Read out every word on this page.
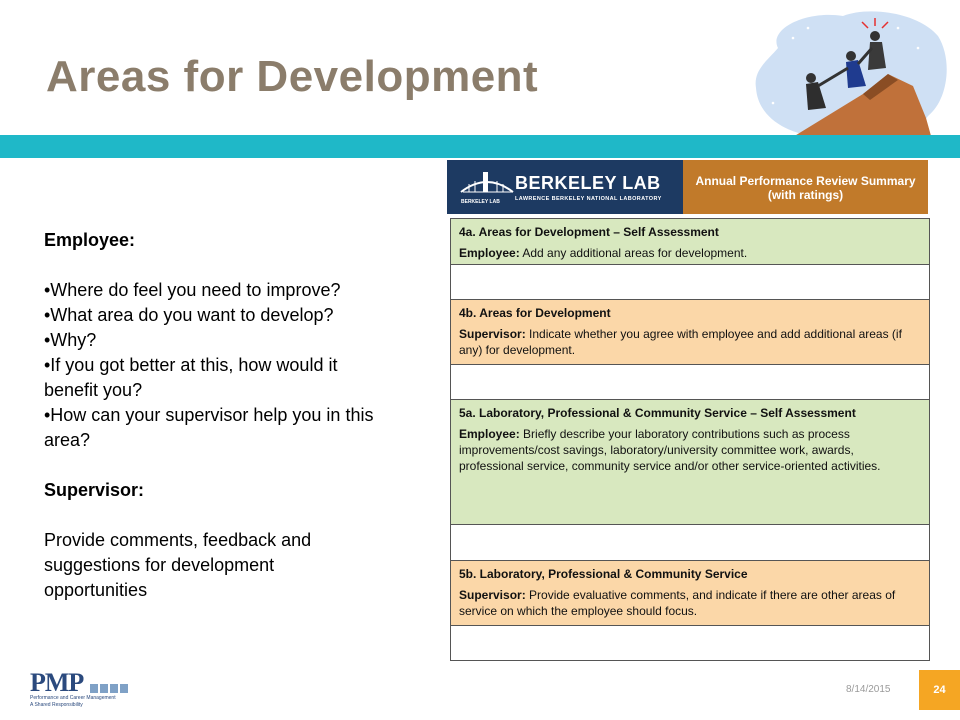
Areas for Development
Employee:
•Where do feel you need to improve?
•What area do you want to develop?
•Why?
•If you got better at this, how would it benefit you?
•How can your supervisor help you in this area?
Supervisor:
Provide comments, feedback and suggestions for development opportunities
BERKELEY LAB
BERKELEY LAB
LAWRENCE BERKELEY NATIONAL LABORATORY
Annual Performance Review Summary
(with ratings)
4a. Areas for Development – Self Assessment
Employee: Add any additional areas for development.
4b. Areas for Development
Supervisor: Indicate whether you agree with employee and add additional areas (if any) for development.
5a. Laboratory, Professional & Community Service – Self Assessment
Employee: Briefly describe your laboratory contributions such as process improvements/cost savings, laboratory/university committee work, awards, professional service, community service and/or other service-oriented activities.
5b. Laboratory, Professional & Community Service
Supervisor: Provide evaluative comments, and indicate if there are other areas of service on which the employee should focus.
PMP
Performance and Career Management
A Shared Responsibility
8/14/2015	24
